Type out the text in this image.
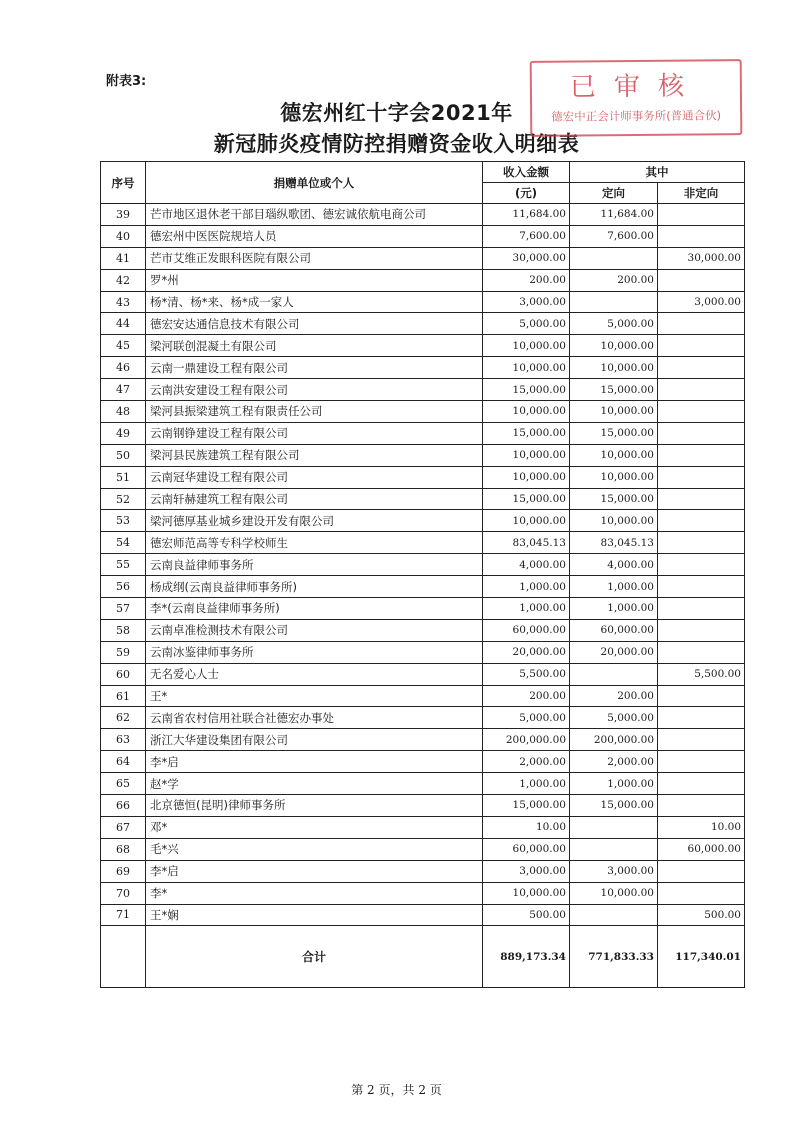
附表3:
德宏州红十字会2021年
新冠肺炎疫情防控捐赠资金收入明细表
已审核
德宏中正会计师事务所(普通合伙)
序号	捐赠单位或个人	收入金额	其中	
		(元)	定向	非定向
39	芒市地区退休老干部目瑙纵歌团、德宏诚依航电商公司	11,684.00	11,684.00	
40	德宏州中医医院规培人员	7,600.00	7,600.00	
41	芒市艾维正发眼科医院有限公司	30,000.00		30,000.00
42	罗*州	200.00	200.00	
43	杨*清、杨*来、杨*成一家人	3,000.00		3,000.00
44	德宏安达通信息技术有限公司	5,000.00	5,000.00	
45	梁河联创混凝土有限公司	10,000.00	10,000.00	
46	云南一鼎建设工程有限公司	10,000.00	10,000.00	
47	云南洪安建设工程有限公司	15,000.00	15,000.00	
48	梁河县振梁建筑工程有限责任公司	10,000.00	10,000.00	
49	云南钢铮建设工程有限公司	15,000.00	15,000.00	
50	梁河县民族建筑工程有限公司	10,000.00	10,000.00	
51	云南冠华建设工程有限公司	10,000.00	10,000.00	
52	云南轩赫建筑工程有限公司	15,000.00	15,000.00	
53	梁河德厚基业城乡建设开发有限公司	10,000.00	10,000.00	
54	德宏师范高等专科学校师生	83,045.13	83,045.13	
55	云南良益律师事务所	4,000.00	4,000.00	
56	杨成纲(云南良益律师事务所)	1,000.00	1,000.00	
57	李*(云南良益律师事务所)	1,000.00	1,000.00	
58	云南卓准检测技术有限公司	60,000.00	60,000.00	
59	云南冰鉴律师事务所	20,000.00	20,000.00	
60	无名爱心人士	5,500.00		5,500.00
61	王*	200.00	200.00	
62	云南省农村信用社联合社德宏办事处	5,000.00	5,000.00	
63	浙江大华建设集团有限公司	200,000.00	200,000.00	
64	李*启	2,000.00	2,000.00	
65	赵*学	1,000.00	1,000.00	
66	北京德恒(昆明)律师事务所	15,000.00	15,000.00	
67	邓*	10.00		10.00
68	毛*兴	60,000.00		60,000.00
69	李*启	3,000.00	3,000.00	
70	李*	10,000.00	10,000.00	
71	王*娴	500.00		500.00
	合计	889,173.34	771,833.33	117,340.01
第 2 页，共 2 页
